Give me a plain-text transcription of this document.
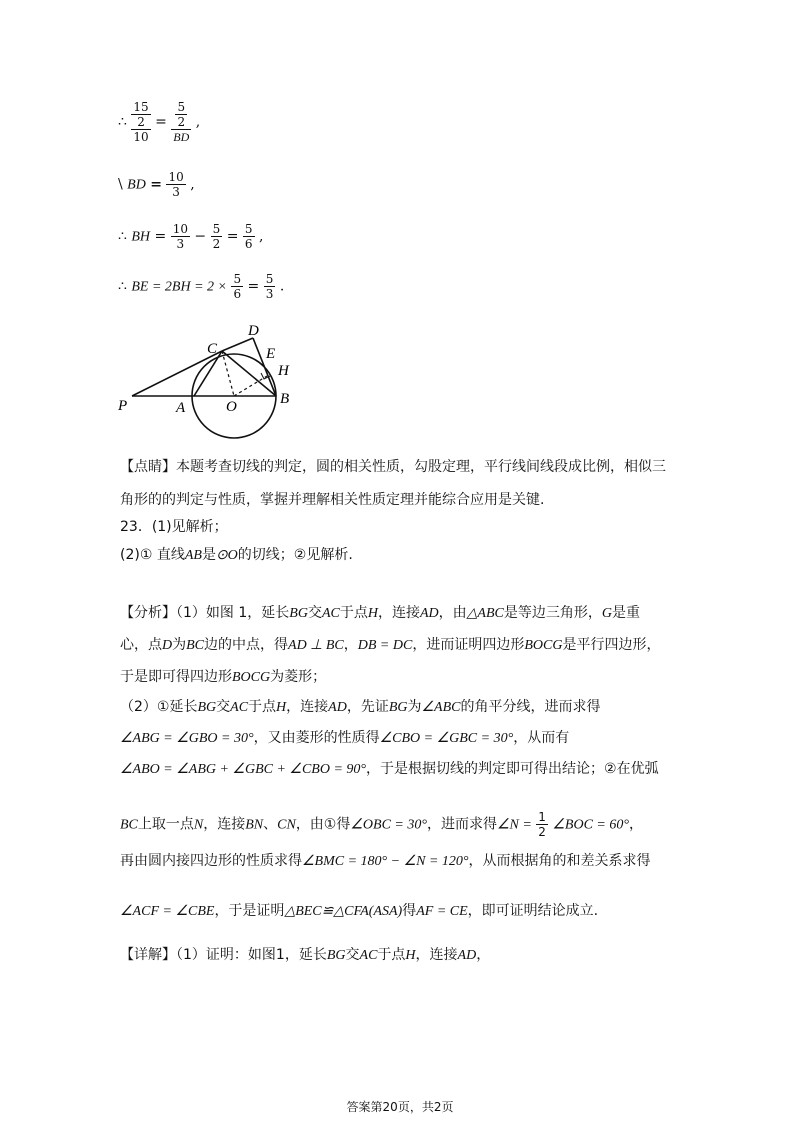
∴ $\frac{\frac{15}{2}}{10} = \frac{\frac{5}{2}}{BD}$ ,
\ BD = $\frac{10}{3}$ ,
∴ BH = $\frac{10}{3} - \frac{5}{2} = \frac{5}{6}$ ,
∴ BE = $2BH = 2 \times \frac{5}{6} = \frac{5}{3}$ .
D
C	E
H
P	A	O	B
【点睛】本题考查切线的判定，圆的相关性质，勾股定理，平行线间线段成比例，相似三
角形的的判定与性质，掌握并理解相关性质定理并能综合应用是关键.
23．(1)见解析；
(2)① 直线AB是⊙O的切线；②见解析.
【分析】（1）如图 1，延长BG交AC于点H，连接AD，由△ABC是等边三角形，G是重
心，点D为BC边的中点，得AD ⊥ BC，DB = DC，进而证明四边形BOCG是平行四边形，
于是即可得四边形BOCG为菱形；
（2）①延长BG交AC于点H，连接AD，先证BG为∠ABC的角平分线，进而求得
∠ABG = ∠GBO = 30°，又由菱形的性质得∠CBO = ∠GBC = 30°，从而有
∠ABO = ∠ABG + ∠GBC + ∠CBO = 90°，于是根据切线的判定即可得出结论；②在优弧
BC上取一点N，连接BN、CN，由①得∠OBC = 30°，进而求得∠N = $\frac{1}{2}$ ∠BOC = 60°，
再由圆内接四边形的性质求得∠BMC = 180° − ∠N = 120°，从而根据角的和差关系求得
∠ACF = ∠CBE，于是证明△BEC≌△CFA(ASA)得AF = CE，即可证明结论成立.
【详解】（1）证明：如图1，延长BG交AC于点H，连接AD，
答案第20页，共2页
